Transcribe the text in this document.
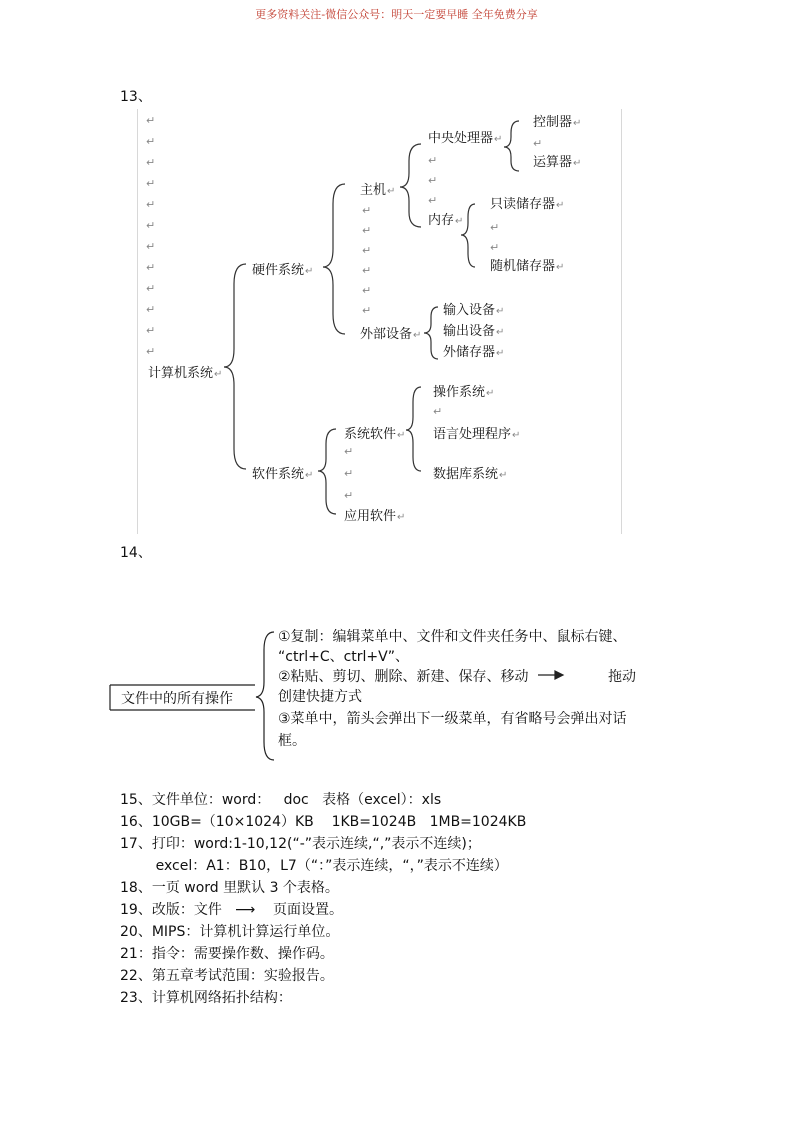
更多资料关注-微信公众号：明天一定要早睡 全年免费分享
13、
↵
↵
↵
↵
↵
↵
↵
↵
↵
↵
↵
↵
↵
↵
↵
↵
↵
↵
↵
↵
↵
↵
↵
↵
↵
↵
↵
↵
计算机系统↵
硬件系统↵
主机↵
中央处理器↵
控制器↵
运算器↵
内存↵
只读储存器↵
随机储存器↵
外部设备↵
输入设备↵
输出设备↵
外储存器↵
软件系统↵
系统软件↵
操作系统↵
语言处理程序↵
数据库系统↵
应用软件↵
14、
文件中的所有操作
①复制：编辑菜单中、文件和文件夹任务中、鼠标右键、
“ctrl+C、ctrl+V”、
②粘贴、剪切、删除、新建、保存、移动	拖动
创建快捷方式
③菜单中，箭头会弹出下一级菜单，有省略号会弹出对话
框。
15、文件单位：word：   doc   表格（excel）：xls
16、10GB=（10×1024）KB    1KB=1024B   1MB=1024KB
17、打印：word:1-10,12(“-”表示连续,“,”表示不连续)；
excel：A1：B10，L7（“：”表示连续，“，”表示不连续）
18、一页 word 里默认 3 个表格。
19、改版：文件   ⟶    页面设置。
20、MIPS：计算机计算运行单位。
21：指令：需要操作数、操作码。
22、第五章考试范围：实验报告。
23、计算机网络拓扑结构：
